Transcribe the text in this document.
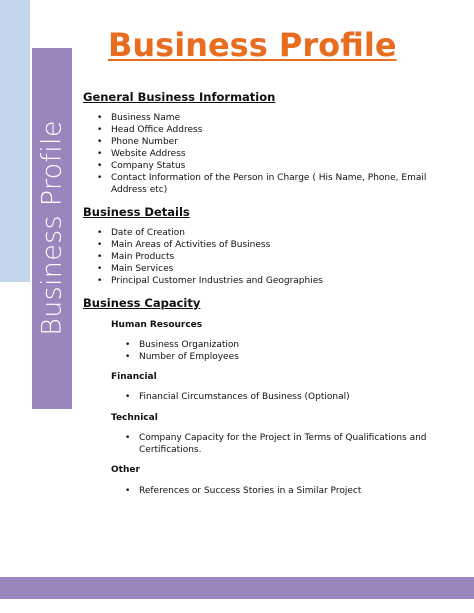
Business Profile
Business Profile
General Business Information
• Business Name
• Head Office Address
• Phone Number
• Website Address
• Company Status
• Contact Information of the Person in Charge ( His Name, Phone, Email Address etc)
Business Details
• Date of Creation
• Main Areas of Activities of Business
• Main Products
• Main Services
• Principal Customer Industries and Geographies
Business Capacity
Human Resources
• Business Organization
• Number of Employees
Financial
• Financial Circumstances of Business (Optional)
Technical
• Company Capacity for the Project in Terms of Qualifications and Certifications.
Other
• References or Success Stories in a Similar Project
